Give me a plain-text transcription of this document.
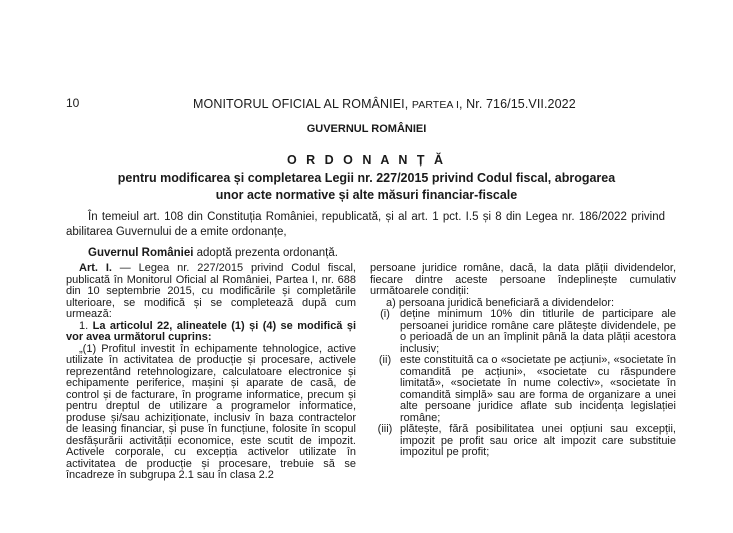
10	MONITORUL OFICIAL AL ROMÂNIEI, PARTEA I, Nr. 716/15.VII.2022
GUVERNUL ROMÂNIEI
O R D O N A N Ț Ă
pentru modificarea și completarea Legii nr. 227/2015 privind Codul fiscal, abrogarea unor acte normative și alte măsuri financiar-fiscale
În temeiul art. 108 din Constituția României, republicată, și al art. 1 pct. I.5 și 8 din Legea nr. 186/2022 privind abilitarea Guvernului de a emite ordonanțe,
Guvernul României adoptă prezenta ordonanță.

Art. I. — Legea nr. 227/2015 privind Codul fiscal, publicată în Monitorul Oficial al României, Partea I, nr. 688 din 10 septembrie 2015, cu modificările și completările ulterioare, se modifică și se completează după cum urmează:

1. La articolul 22, alineatele (1) și (4) se modifică și vor avea următorul cuprins:

„(1) Profitul investit în echipamente tehnologice, active utilizate în activitatea de producție și procesare, activele reprezentând retehnologizare, calculatoare electronice și echipamente periferice, mașini și aparate de casă, de control și de facturare, în programe informatice, precum și pentru dreptul de utilizare a programelor informatice, produse și/sau achiziționate, inclusiv în baza contractelor de leasing financiar, și puse în funcțiune, folosite în scopul desfășurării activității economice, este scutit de impozit. Activele corporale, cu excepția activelor utilizate în activitatea de producție și procesare, trebuie să se încadreze în subgrupa 2.1 sau în clasa 2.2

persoane juridice române, dacă, la data plății dividendelor, fiecare dintre aceste persoane îndeplinește cumulativ următoarele condiții:

a) persoana juridică beneficiară a dividendelor:

(i) deține minimum 10% din titlurile de participare ale persoanei juridice române care plătește dividendele, pe o perioadă de un an împlinit până la data plății acestora inclusiv;
(ii) este constituită ca o «societate pe acțiuni», «societate în comandită pe acțiuni», «societate cu răspundere limitată», «societate în nume colectiv», «societate în comandită simplă» sau are forma de organizare a unei alte persoane juridice aflate sub incidența legislației române;
(iii) plătește, fără posibilitatea unei opțiuni sau excepții, impozit pe profit sau orice alt impozit care substituie impozitul pe profit;
